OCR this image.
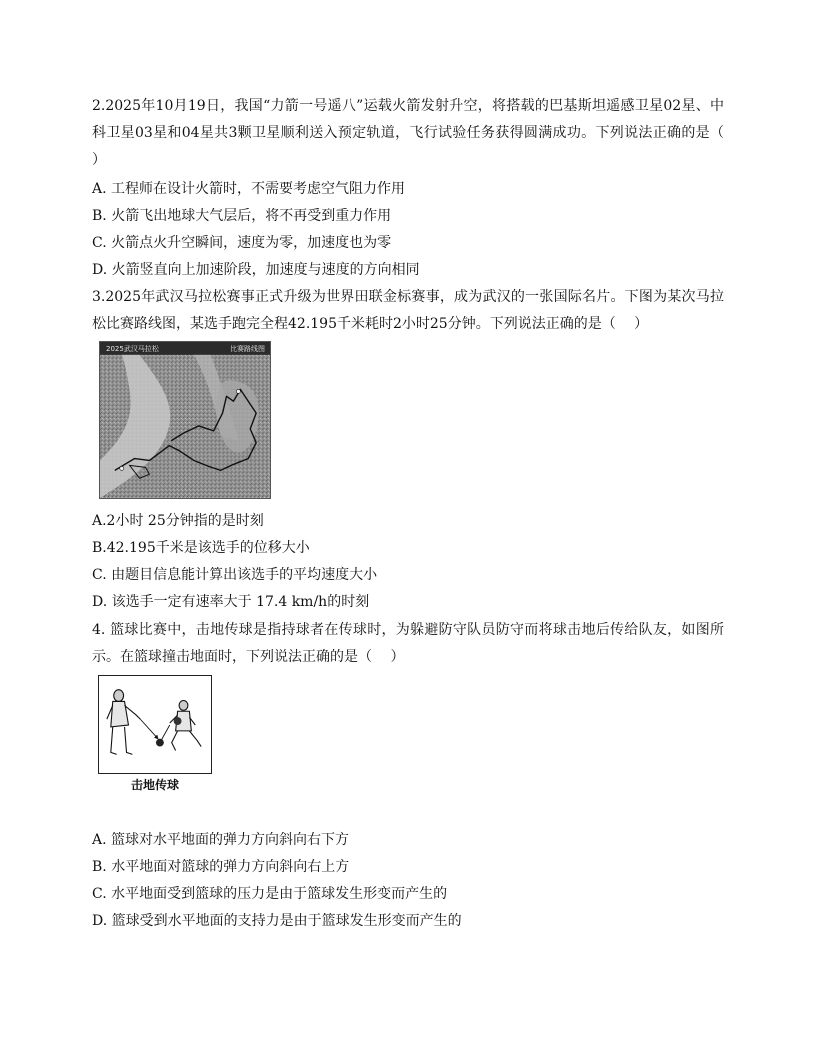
2.2025年10月19日，我国“力箭一号遥八”运载火箭发射升空，将搭载的巴基斯坦遥感卫星02星、中科卫星03星和04星共3颗卫星顺利送入预定轨道，飞行试验任务获得圆满成功。下列说法正确的是（　 ）
A. 工程师在设计火箭时，不需要考虑空气阻力作用
B. 火箭飞出地球大气层后，将不再受到重力作用
C. 火箭点火升空瞬间，速度为零，加速度也为零
D. 火箭竖直向上加速阶段，加速度与速度的方向相同
3.2025年武汉马拉松赛事正式升级为世界田联金标赛事，成为武汉的一张国际名片。下图为某次马拉松比赛路线图，某选手跑完全程42.195千米耗时2小时25分钟。下列说法正确的是（　 ）
2025武汉马拉松	比赛路线图
A.2小时 25分钟指的是时刻
B.42.195千米是该选手的位移大小
C. 由题目信息能计算出该选手的平均速度大小
D. 该选手一定有速率大于 17.4 km/h的时刻
4. 篮球比赛中，击地传球是指持球者在传球时，为躲避防守队员防守而将球击地后传给队友，如图所示。在篮球撞击地面时，下列说法正确的是（　 ）
击地传球
A. 篮球对水平地面的弹力方向斜向右下方
B. 水平地面对篮球的弹力方向斜向右上方
C. 水平地面受到篮球的压力是由于篮球发生形变而产生的
D. 篮球受到水平地面的支持力是由于篮球发生形变而产生的
